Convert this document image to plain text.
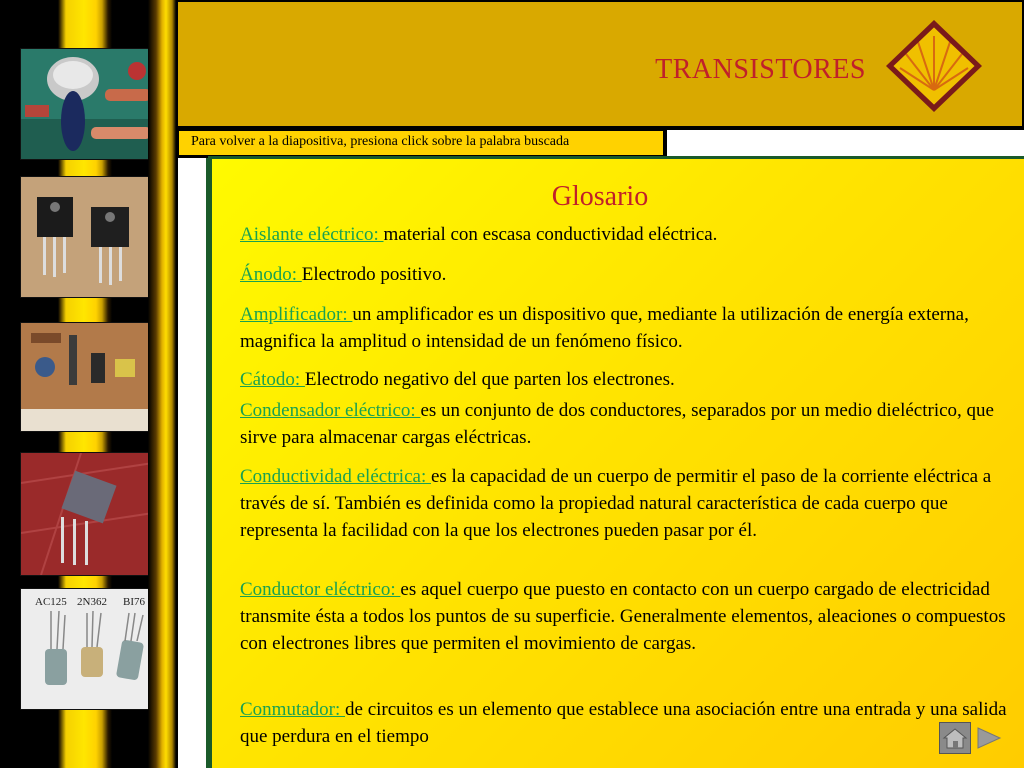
AC125 2N362 BI76
TRANSISTORES
Para volver a la diapositiva, presiona click sobre la palabra buscada
Glosario
Aislante eléctrico: material con escasa conductividad eléctrica.
Ánodo: Electrodo positivo.
Amplificador: un amplificador es un dispositivo que, mediante la utilización de energía externa, magnifica la amplitud o intensidad de un fenómeno físico.
Cátodo: Electrodo negativo del que parten los electrones.
Condensador eléctrico: es un conjunto de dos conductores, separados por un medio dieléctrico, que sirve para almacenar cargas eléctricas.
Conductividad eléctrica: es la capacidad de un cuerpo de permitir el paso de la corriente eléctrica a través de sí. También es definida como la propiedad natural característica de cada cuerpo que representa la facilidad con la que los electrones pueden pasar por él.
Conductor eléctrico: es aquel cuerpo que puesto en contacto con un cuerpo cargado de electricidad transmite ésta a todos los puntos de su superficie. Generalmente elementos, aleaciones o compuestos con electrones libres que permiten el movimiento de cargas.
Conmutador: de circuitos es un elemento que establece una asociación entre una entrada y una salida que perdura en el tiempo
